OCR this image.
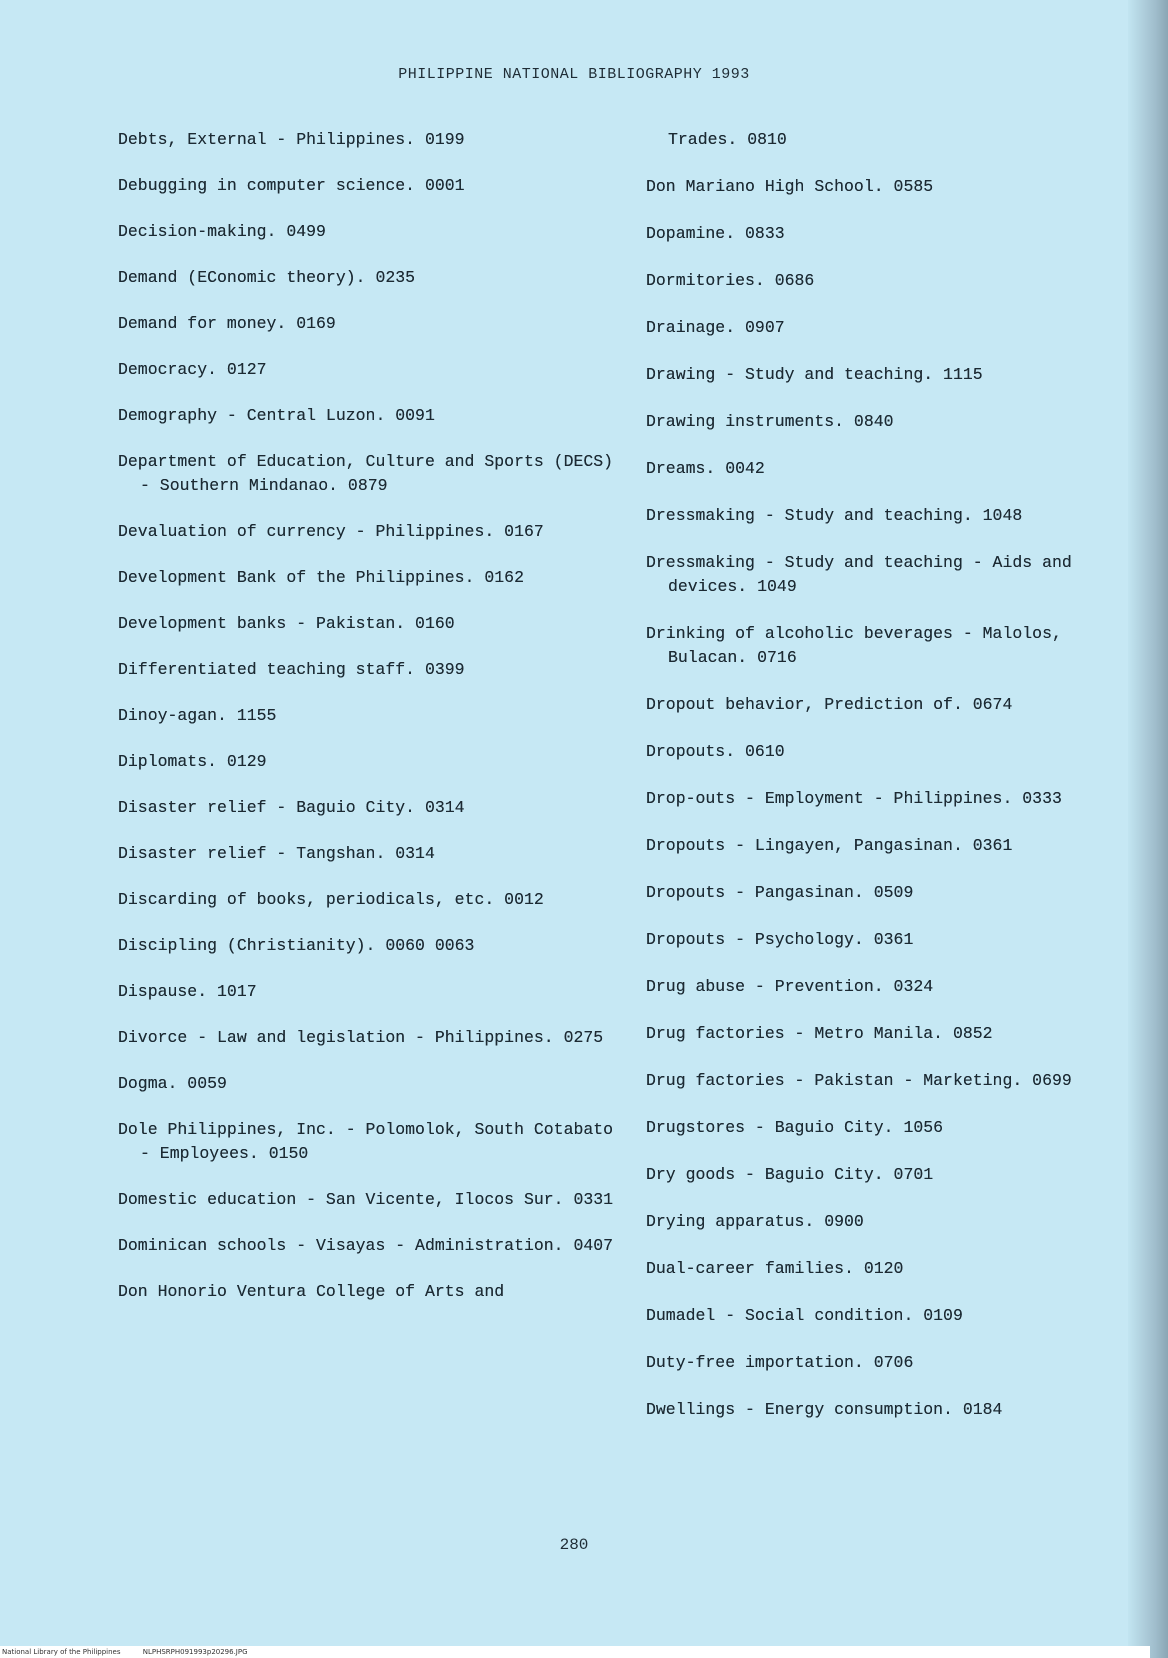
PHILIPPINE NATIONAL BIBLIOGRAPHY 1993

Debts, External - Philippines. 0199

Debugging in computer science. 0001

Decision-making. 0499

Demand (EConomic theory). 0235

Demand for money. 0169

Democracy. 0127

Demography - Central Luzon. 0091

Department of Education, Culture and Sports (DECS) - Southern Mindanao. 0879

Devaluation of currency - Philippines. 0167

Development Bank of the Philippines. 0162

Development banks - Pakistan. 0160

Differentiated teaching staff. 0399

Dinoy-agan. 1155

Diplomats. 0129

Disaster relief - Baguio City. 0314

Disaster relief - Tangshan. 0314

Discarding of books, periodicals, etc. 0012

Discipling (Christianity). 0060 0063

Dispause. 1017

Divorce - Law and legislation - Philippines. 0275

Dogma. 0059

Dole Philippines, Inc. - Polomolok, South Cotabato - Employees. 0150

Domestic education - San Vicente, Ilocos Sur. 0331

Dominican schools - Visayas - Administration. 0407

Don Honorio Ventura College of Arts and

Trades. 0810

Don Mariano High School. 0585

Dopamine. 0833

Dormitories. 0686

Drainage. 0907

Drawing - Study and teaching. 1115

Drawing instruments. 0840

Dreams. 0042

Dressmaking - Study and teaching. 1048

Dressmaking - Study and teaching - Aids and devices. 1049

Drinking of alcoholic beverages - Malolos, Bulacan. 0716

Dropout behavior, Prediction of. 0674

Dropouts. 0610

Drop-outs - Employment - Philippines. 0333

Dropouts - Lingayen, Pangasinan. 0361

Dropouts - Pangasinan. 0509

Dropouts - Psychology. 0361

Drug abuse - Prevention. 0324

Drug factories - Metro Manila. 0852

Drug factories - Pakistan - Marketing. 0699

Drugstores - Baguio City. 1056

Dry goods - Baguio City. 0701

Drying apparatus. 0900

Dual-career families. 0120

Dumadel - Social condition. 0109

Duty-free importation. 0706

Dwellings - Energy consumption. 0184

280
National Library of the Philippines	NLPHSRPH091993p20296.JPG
